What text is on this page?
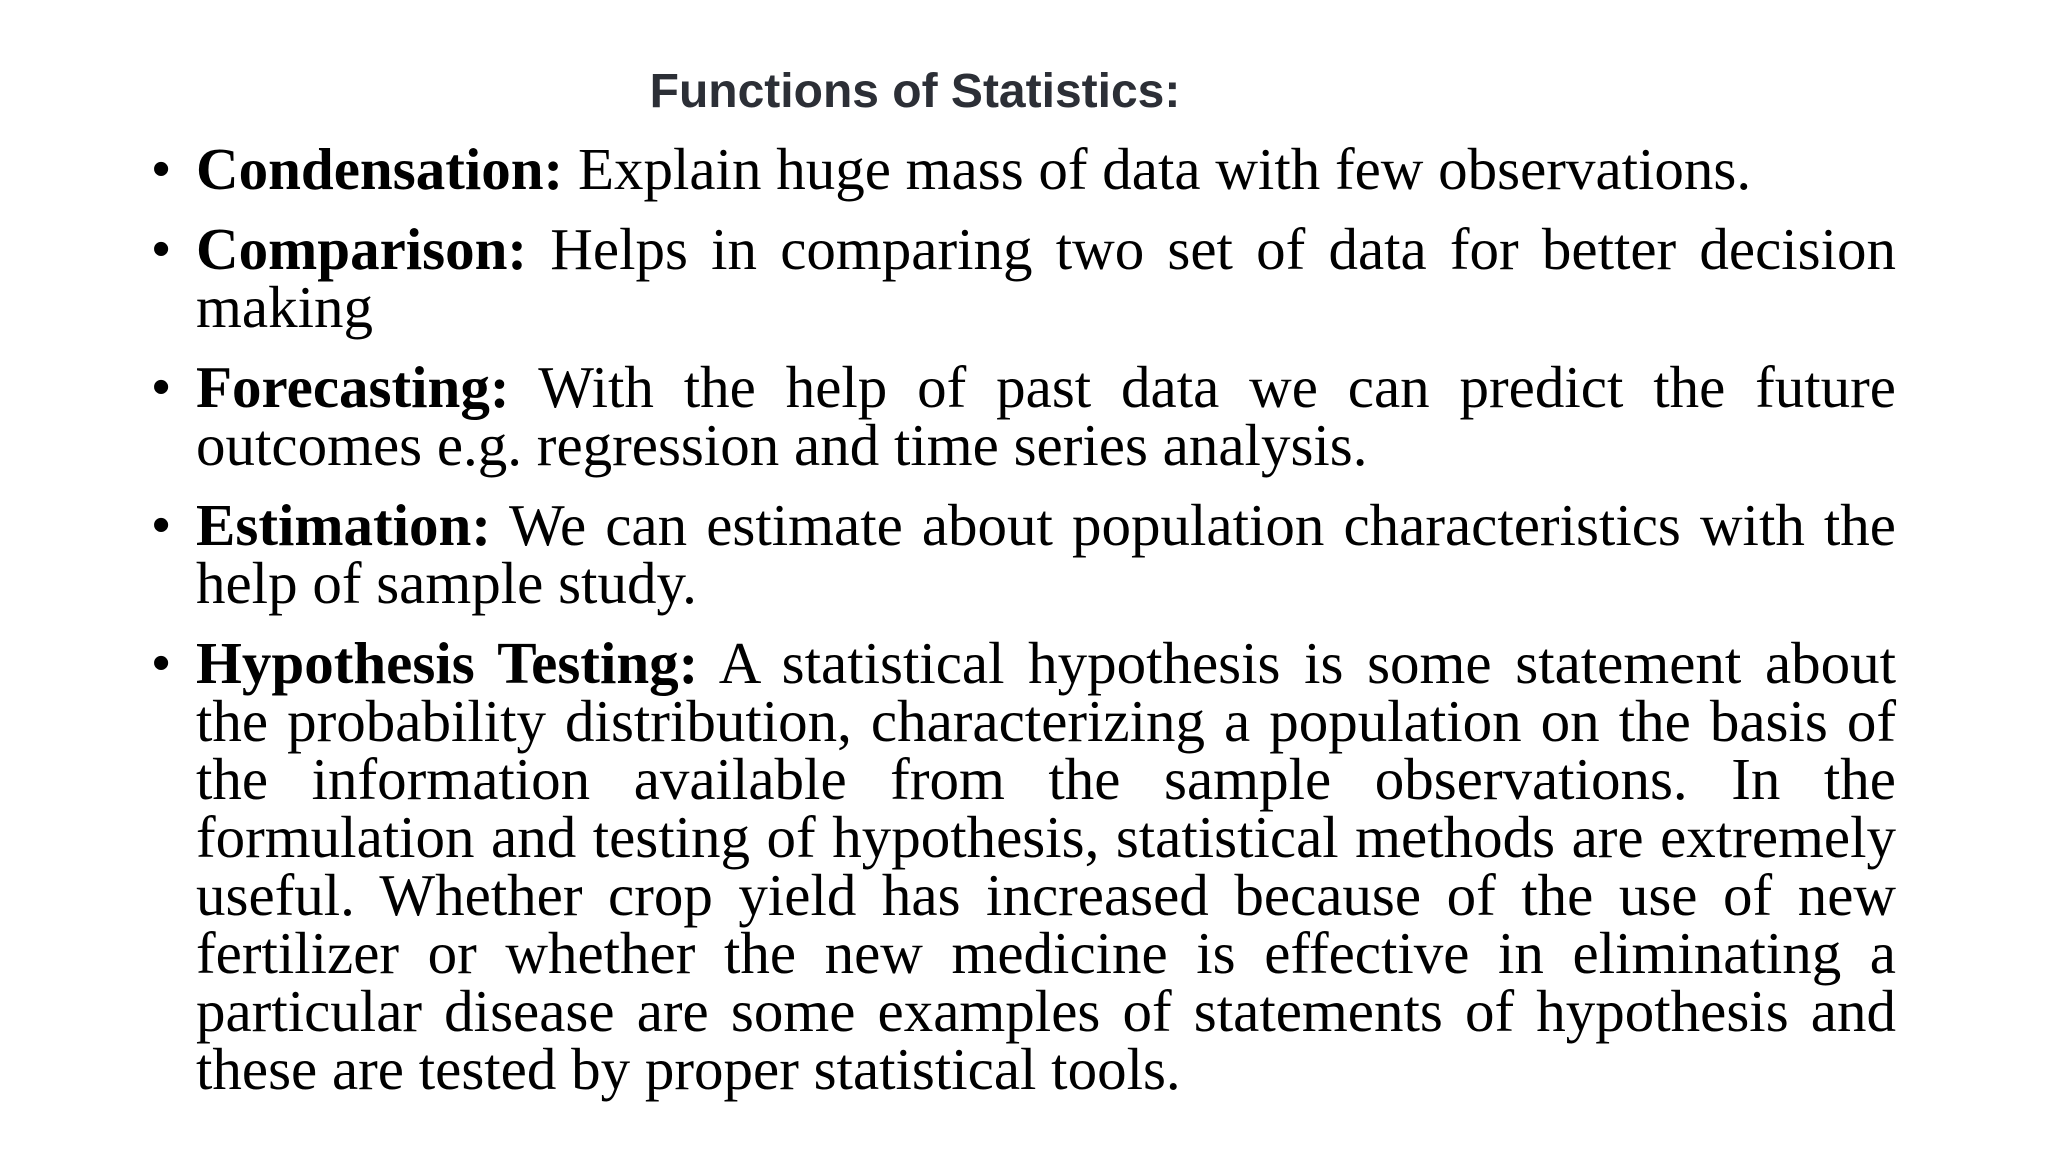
Functions of Statistics:
• Condensation: Explain huge mass of data with few observations.
• Comparison: Helps in comparing two set of data for better decision making
• Forecasting: With the help of past data we can predict the future outcomes e.g. regression and time series analysis.
• Estimation: We can estimate about population characteristics with the help of sample study.
• Hypothesis Testing: A statistical hypothesis is some statement about the probability distribution, characterizing a population on the basis of the information available from the sample observations. In the formulation and testing of hypothesis, statistical methods are extremely useful. Whether crop yield has increased because of the use of new fertilizer or whether the new medicine is effective in eliminating a particular disease are some examples of statements of hypothesis and these are tested by proper statistical tools.
